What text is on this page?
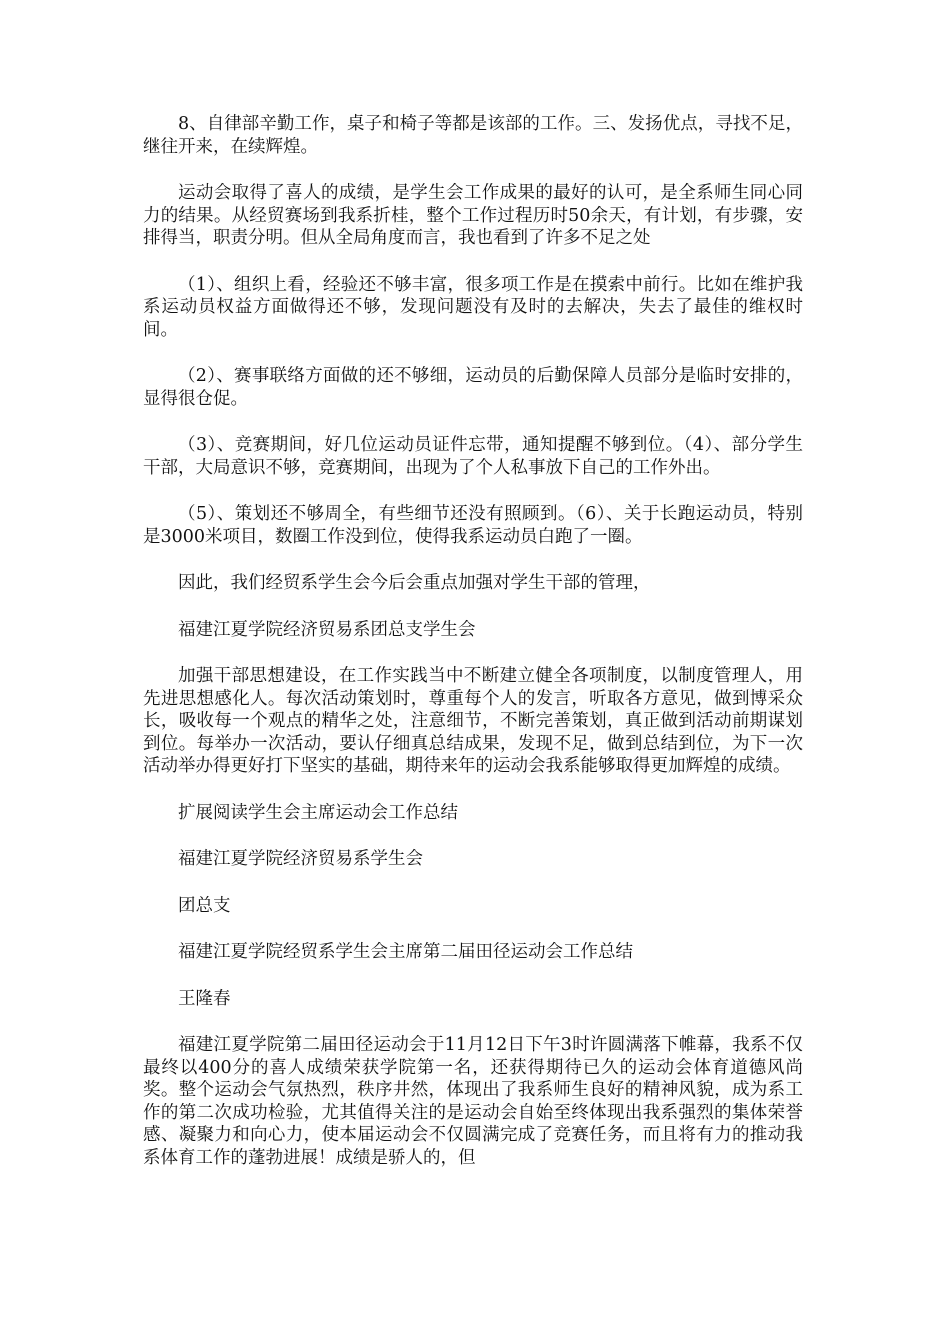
8、自律部辛勤工作，桌子和椅子等都是该部的工作。三、发扬优点，寻找不足，继往开来，在续辉煌。

运动会取得了喜人的成绩，是学生会工作成果的最好的认可，是全系师生同心同力的结果。从经贸赛场到我系折桂，整个工作过程历时50余天，有计划，有步骤，安排得当，职责分明。但从全局角度而言，我也看到了许多不足之处

（1）、组织上看，经验还不够丰富，很多项工作是在摸索中前行。比如在维护我系运动员权益方面做得还不够，发现问题没有及时的去解决，失去了最佳的维权时间。

（2）、赛事联络方面做的还不够细，运动员的后勤保障人员部分是临时安排的，显得很仓促。

（3）、竞赛期间，好几位运动员证件忘带，通知提醒不够到位。（4）、部分学生干部，大局意识不够，竞赛期间，出现为了个人私事放下自己的工作外出。

（5）、策划还不够周全，有些细节还没有照顾到。（6）、关于长跑运动员，特别是3000米项目，数圈工作没到位，使得我系运动员白跑了一圈。

因此，我们经贸系学生会今后会重点加强对学生干部的管理，

福建江夏学院经济贸易系团总支学生会

加强干部思想建设，在工作实践当中不断建立健全各项制度，以制度管理人，用先进思想感化人。每次活动策划时，尊重每个人的发言，听取各方意见，做到博采众长，吸收每一个观点的精华之处，注意细节，不断完善策划，真正做到活动前期谋划到位。每举办一次活动，要认仔细真总结成果，发现不足，做到总结到位，为下一次活动举办得更好打下坚实的基础，期待来年的运动会我系能够取得更加辉煌的成绩。

扩展阅读学生会主席运动会工作总结

福建江夏学院经济贸易系学生会

团总支

福建江夏学院经贸系学生会主席第二届田径运动会工作总结

王隆春

福建江夏学院第二届田径运动会于11月12日下午3时许圆满落下帷幕，我系不仅最终以400分的喜人成绩荣获学院第一名，还获得期待已久的运动会体育道德风尚奖。整个运动会气氛热烈，秩序井然，体现出了我系师生良好的精神风貌，成为系工作的第二次成功检验，尤其值得关注的是运动会自始至终体现出我系强烈的集体荣誉感、凝聚力和向心力，使本届运动会不仅圆满完成了竞赛任务，而且将有力的推动我系体育工作的蓬勃进展！成绩是骄人的，但
